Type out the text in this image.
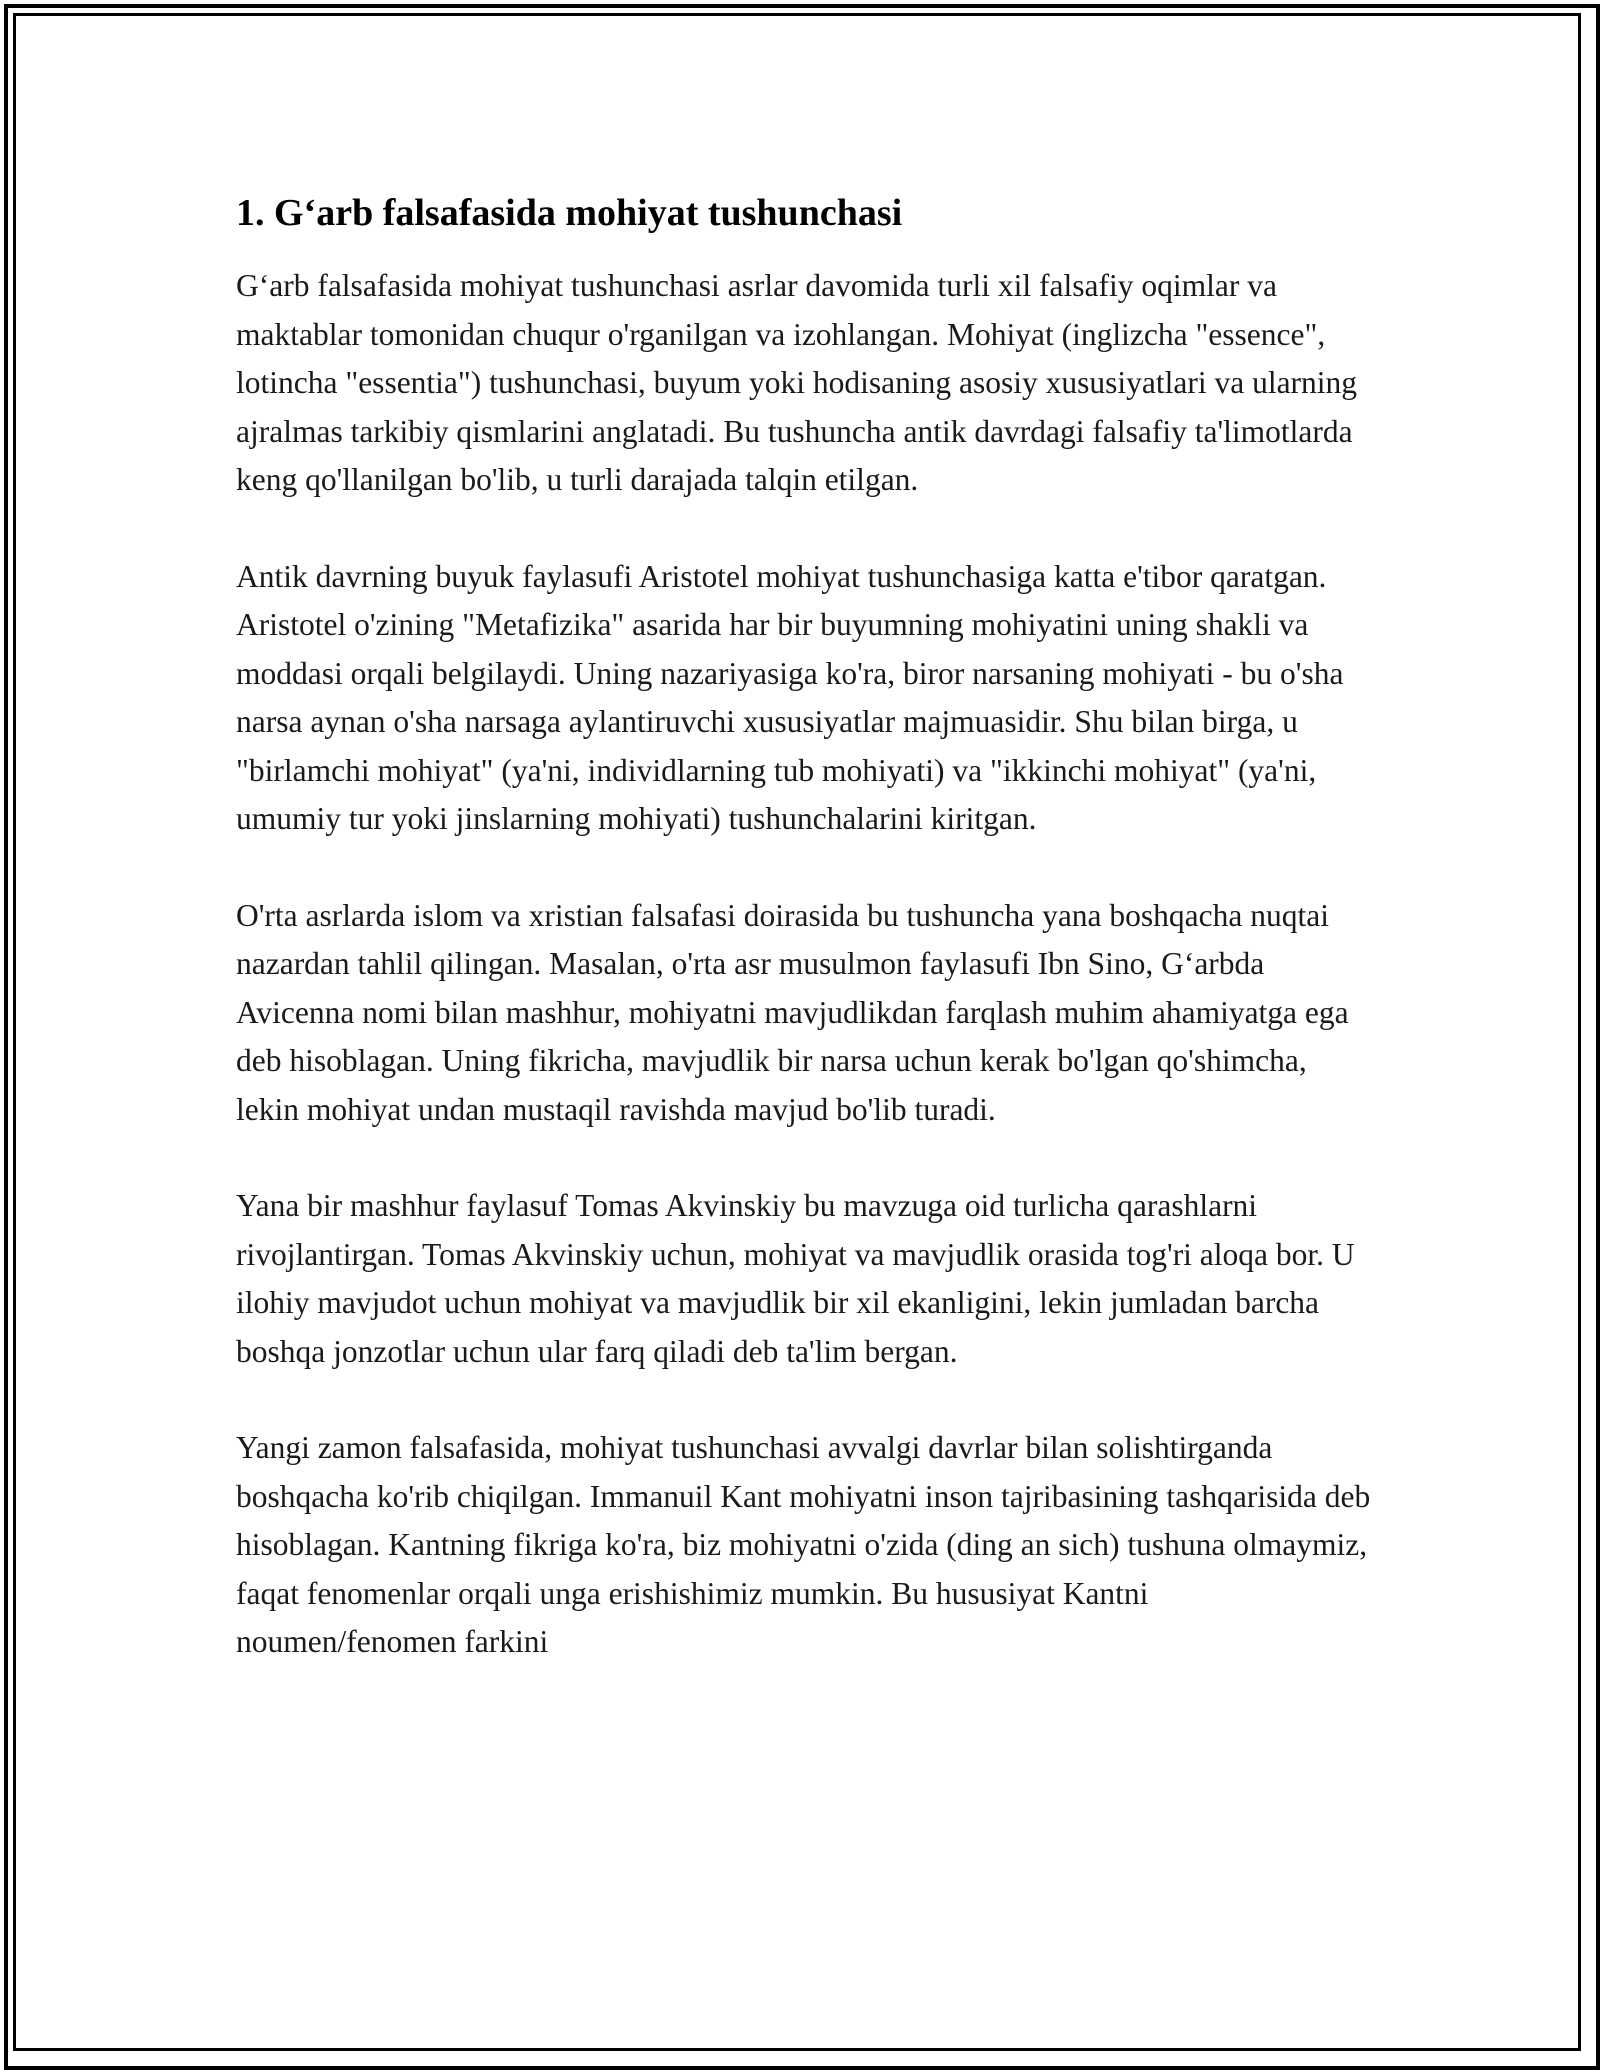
1. G‘arb falsafasida mohiyat tushunchasi

G‘arb falsafasida mohiyat tushunchasi asrlar davomida turli xil falsafiy oqimlar va maktablar tomonidan chuqur o'rganilgan va izohlangan. Mohiyat (inglizcha "essence", lotincha "essentia") tushunchasi, buyum yoki hodisaning asosiy xususiyatlari va ularning ajralmas tarkibiy qismlarini anglatadi. Bu tushuncha antik davrdagi falsafiy ta'limotlarda keng qo'llanilgan bo'lib, u turli darajada talqin etilgan.

Antik davrning buyuk faylasufi Aristotel mohiyat tushunchasiga katta e'tibor qaratgan. Aristotel o'zining "Metafizika" asarida har bir buyumning mohiyatini uning shakli va moddasi orqali belgilaydi. Uning nazariyasiga ko'ra, biror narsaning mohiyati - bu o'sha narsa aynan o'sha narsaga aylantiruvchi xususiyatlar majmuasidir. Shu bilan birga, u "birlamchi mohiyat" (ya'ni, individlarning tub mohiyati) va "ikkinchi mohiyat" (ya'ni, umumiy tur yoki jinslarning mohiyati) tushunchalarini kiritgan.

O'rta asrlarda islom va xristian falsafasi doirasida bu tushuncha yana boshqacha nuqtai nazardan tahlil qilingan. Masalan, o'rta asr musulmon faylasufi Ibn Sino, G‘arbda Avicenna nomi bilan mashhur, mohiyatni mavjudlikdan farqlash muhim ahamiyatga ega deb hisoblagan. Uning fikricha, mavjudlik bir narsa uchun kerak bo'lgan qo'shimcha, lekin mohiyat undan mustaqil ravishda mavjud bo'lib turadi.

Yana bir mashhur faylasuf Tomas Akvinskiy bu mavzuga oid turlicha qarashlarni rivojlantirgan. Tomas Akvinskiy uchun, mohiyat va mavjudlik orasida tog'ri aloqa bor. U ilohiy mavjudot uchun mohiyat va mavjudlik bir xil ekanligini, lekin jumladan barcha boshqa jonzotlar uchun ular farq qiladi deb ta'lim bergan.

Yangi zamon falsafasida, mohiyat tushunchasi avvalgi davrlar bilan solishtirganda boshqacha ko'rib chiqilgan. Immanuil Kant mohiyatni inson tajribasining tashqarisida deb hisoblagan. Kantning fikriga ko'ra, biz mohiyatni o'zida (ding an sich) tushuna olmaymiz, faqat fenomenlar orqali unga erishishimiz mumkin. Bu hususiyat Kantni noumen/fenomen farkini
